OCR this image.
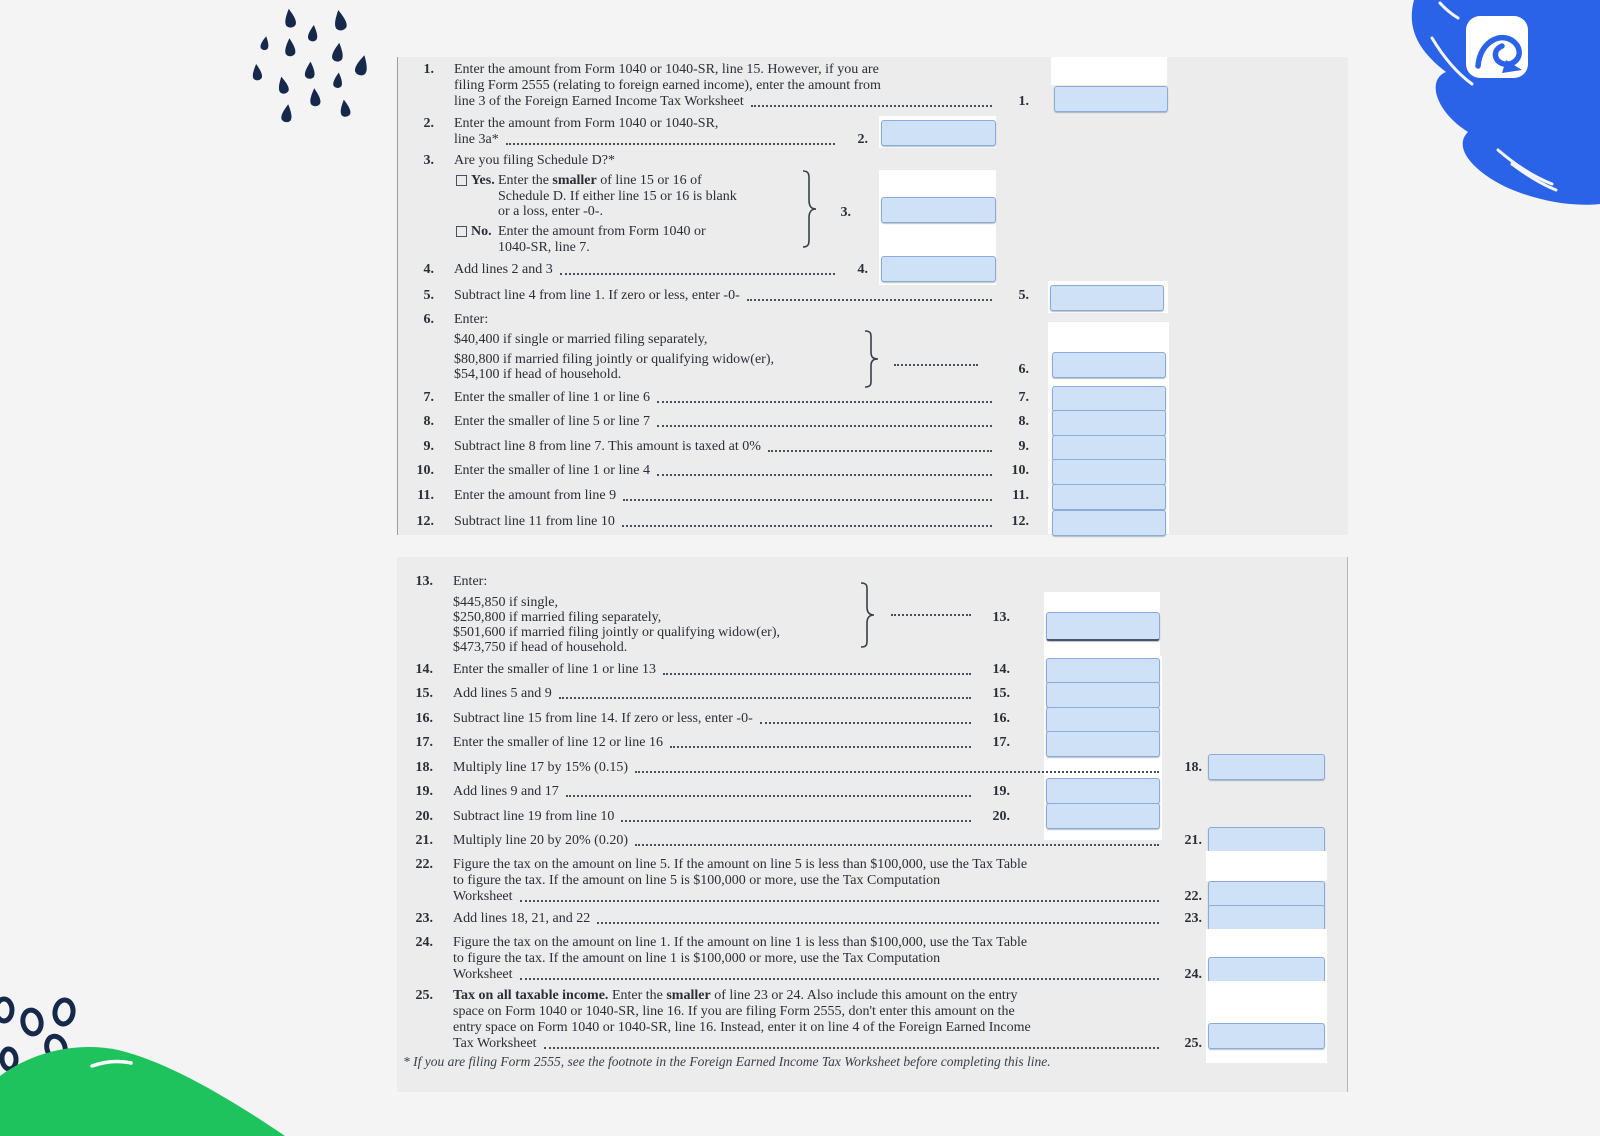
1. Enter the amount from Form 1040 or 1040-SR, line 15. However, if you are
filing Form 2555 (relating to foreign earned income), enter the amount from
line 3 of the Foreign Earned Income Tax Worksheet	1.
2. Enter the amount from Form 1040 or 1040-SR,
line 3a*	2.
3. Are you filing Schedule D?*
Yes. Enter the smaller of line 15 or 16 of
Schedule D. If either line 15 or 16 is blank
or a loss, enter -0-.
No. Enter the amount from Form 1040 or
1040-SR, line 7.
3.
4. Add lines 2 and 3	4.
5. Subtract line 4 from line 1. If zero or less, enter -0-	5.
6. Enter:
$40,400 if single or married filing separately,
$80,800 if married filing jointly or qualifying widow(er),
$54,100 if head of household.	6.
7. Enter the smaller of line 1 or line 6	7.
8. Enter the smaller of line 5 or line 7	8.
9. Subtract line 8 from line 7. This amount is taxed at 0%	9.
10. Enter the smaller of line 1 or line 4	10.
11. Enter the amount from line 9	11.
12. Subtract line 11 from line 10	12.
13. Enter:
$445,850 if single,
$250,800 if married filing separately,
$501,600 if married filing jointly or qualifying widow(er),
$473,750 if head of household.
13.
14. Enter the smaller of line 1 or line 13	14.
15. Add lines 5 and 9	15.
16. Subtract line 15 from line 14. If zero or less, enter -0-	16.
17. Enter the smaller of line 12 or line 16	17.
18. Multiply line 17 by 15% (0.15)	18.
19. Add lines 9 and 17	19.
20. Subtract line 19 from line 10	20.
21. Multiply line 20 by 20% (0.20)	21.
22. Figure the tax on the amount on line 5. If the amount on line 5 is less than $100,000, use the Tax Table
to figure the tax. If the amount on line 5 is $100,000 or more, use the Tax Computation
Worksheet	22.
23. Add lines 18, 21, and 22	23.
24. Figure the tax on the amount on line 1. If the amount on line 1 is less than $100,000, use the Tax Table
to figure the tax. If the amount on line 1 is $100,000 or more, use the Tax Computation
Worksheet	24.
25. Tax on all taxable income. Enter the smaller of line 23 or 24. Also include this amount on the entry
space on Form 1040 or 1040-SR, line 16. If you are filing Form 2555, don't enter this amount on the
entry space on Form 1040 or 1040-SR, line 16. Instead, enter it on line 4 of the Foreign Earned Income
Tax Worksheet	25.
* If you are filing Form 2555, see the footnote in the Foreign Earned Income Tax Worksheet before completing this line.
